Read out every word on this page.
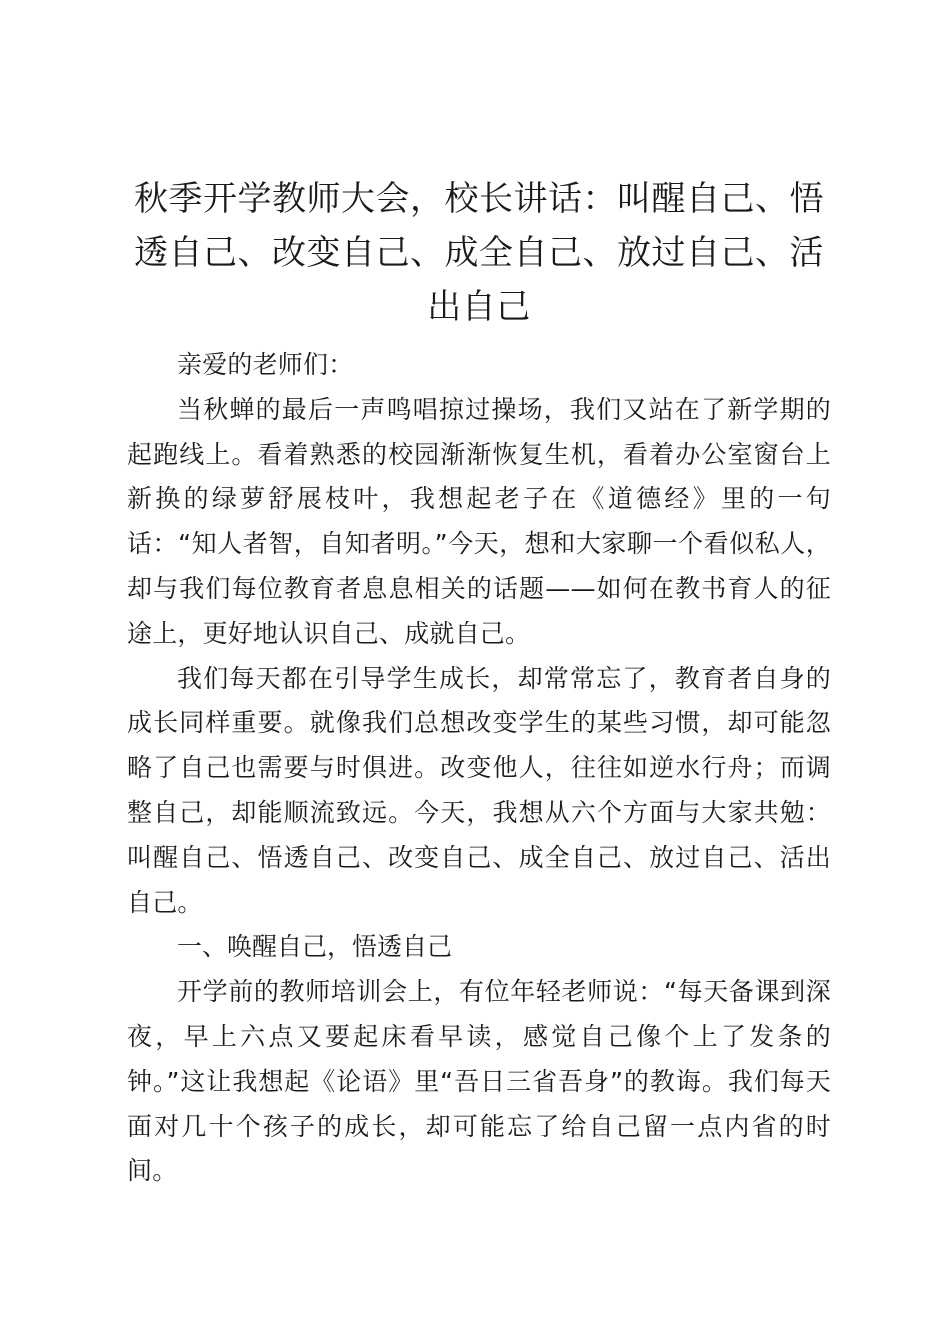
秋季开学教师大会，校长讲话：叫醒自己、悟透自己、改变自己、成全自己、放过自己、活出自己

亲爱的老师们：

当秋蝉的最后一声鸣唱掠过操场，我们又站在了新学期的起跑线上。看着熟悉的校园渐渐恢复生机，看着办公室窗台上新换的绿萝舒展枝叶，我想起老子在《道德经》里的一句话：“知人者智，自知者明。”今天，想和大家聊一个看似私人，却与我们每位教育者息息相关的话题——如何在教书育人的征途上，更好地认识自己、成就自己。

我们每天都在引导学生成长，却常常忘了，教育者自身的成长同样重要。就像我们总想改变学生的某些习惯，却可能忽略了自己也需要与时俱进。改变他人，往往如逆水行舟；而调整自己，却能顺流致远。今天，我想从六个方面与大家共勉：叫醒自己、悟透自己、改变自己、成全自己、放过自己、活出自己。

一、唤醒自己，悟透自己

开学前的教师培训会上，有位年轻老师说：“每天备课到深夜，早上六点又要起床看早读，感觉自己像个上了发条的钟。”这让我想起《论语》里“吾日三省吾身”的教诲。我们每天面对几十个孩子的成长，却可能忘了给自己留一点内省的时间。
